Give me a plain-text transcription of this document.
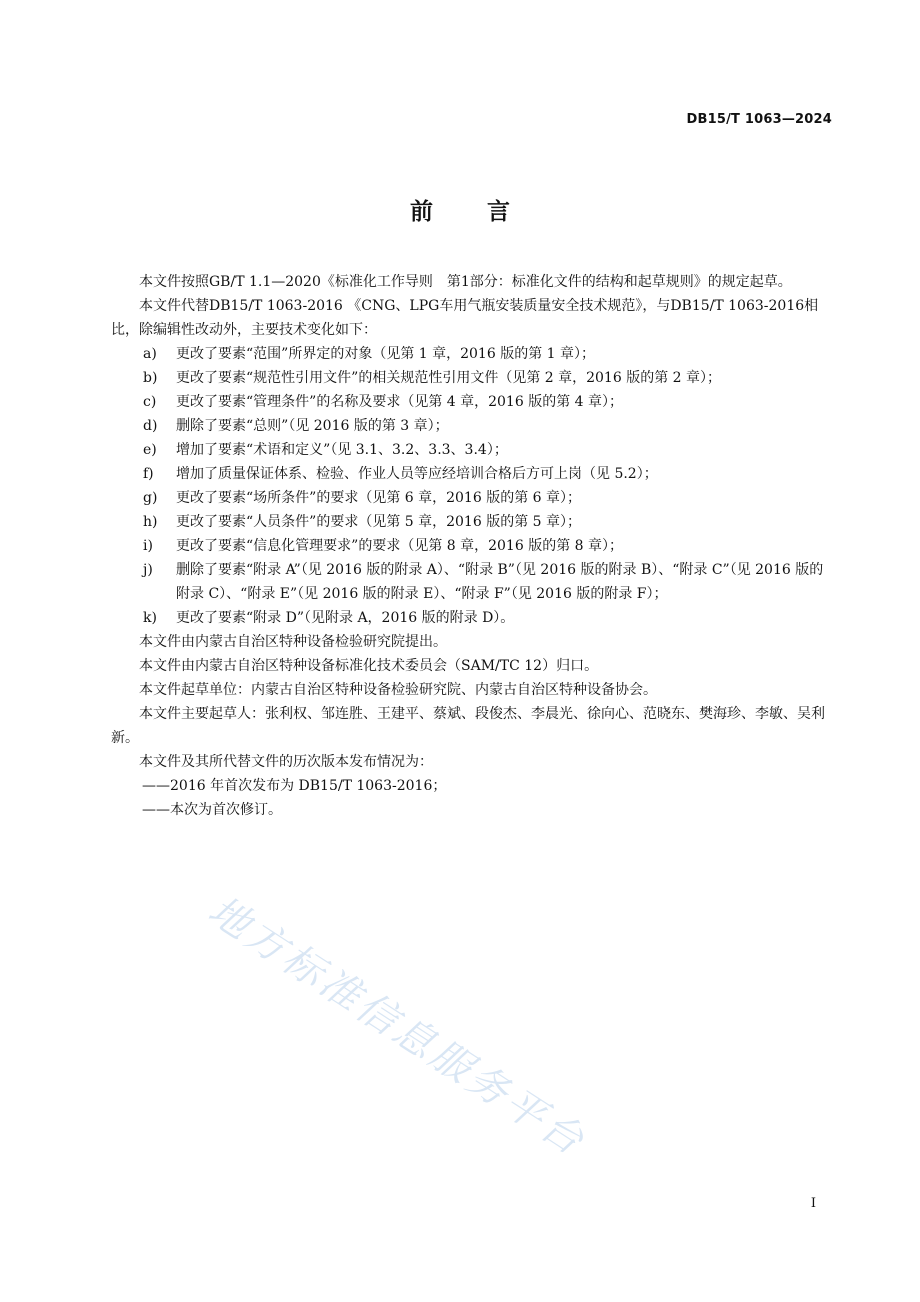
DB15/T 1063—2024
前言

本文件按照GB/T 1.1—2020《标准化工作导则　第1部分：标准化文件的结构和起草规则》的规定起草。

本文件代替DB15/T 1063-2016 《CNG、LPG车用气瓶安装质量安全技术规范》，与DB15/T 1063-2016相比，除编辑性改动外，主要技术变化如下：

a)	更改了要素“范围”所界定的对象（见第 1 章，2016 版的第 1 章）；
b)	更改了要素“规范性引用文件”的相关规范性引用文件（见第 2 章，2016 版的第 2 章）；
c)	更改了要素“管理条件”的名称及要求（见第 4 章，2016 版的第 4 章）；
d)	删除了要素“总则”（见 2016 版的第 3 章）；
e)	增加了要素“术语和定义”（见 3.1、3.2、3.3、3.4）；
f)	增加了质量保证体系、检验、作业人员等应经培训合格后方可上岗（见 5.2）；
g)	更改了要素“场所条件”的要求（见第 6 章，2016 版的第 6 章）；
h)	更改了要素“人员条件”的要求（见第 5 章，2016 版的第 5 章）；
i)	更改了要素“信息化管理要求”的要求（见第 8 章，2016 版的第 8 章）；
j)	删除了要素“附录 A”（见 2016 版的附录 A）、“附录 B”（见 2016 版的附录 B）、“附录 C”（见 2016 版的附录 C）、“附录 E”（见 2016 版的附录 E）、“附录 F”（见 2016 版的附录 F）；
k)	更改了要素“附录 D”（见附录 A，2016 版的附录 D）。

本文件由内蒙古自治区特种设备检验研究院提出。

本文件由内蒙古自治区特种设备标准化技术委员会（SAM/TC 12）归口。

本文件起草单位：内蒙古自治区特种设备检验研究院、内蒙古自治区特种设备协会。

本文件主要起草人：张利权、邹连胜、王建平、蔡斌、段俊杰、李晨光、徐向心、范晓东、樊海珍、李敏、吴利新。

本文件及其所代替文件的历次版本发布情况为：

——2016 年首次发布为 DB15/T 1063-2016；

——本次为首次修订。

地方标准信息服务平台
I
